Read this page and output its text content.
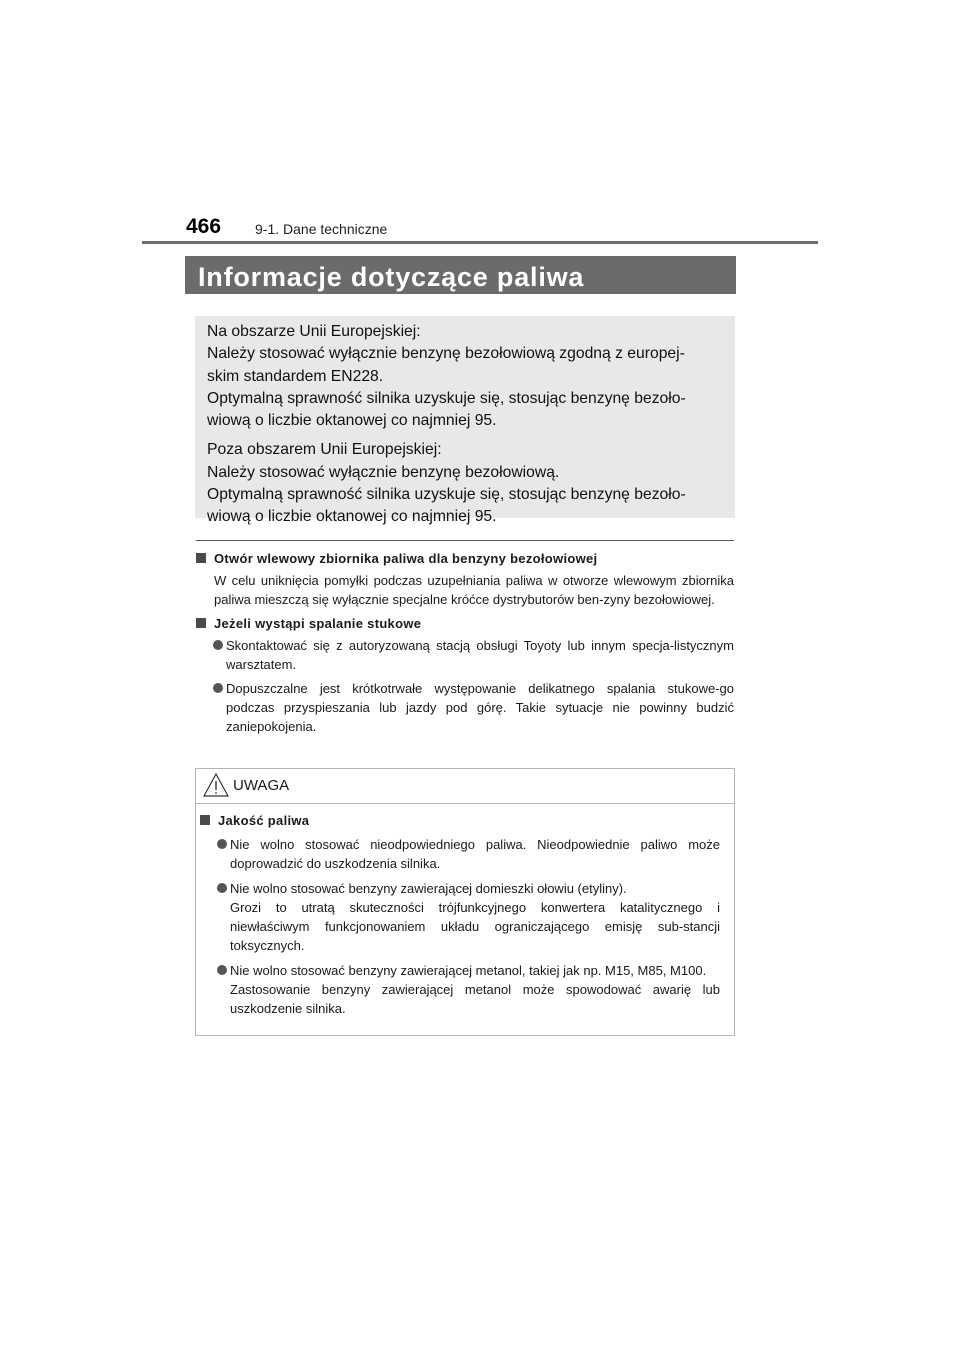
466 9-1. Dane techniczne
Informacje dotyczące paliwa

Na obszarze Unii Europejskiej:

Należy stosować wyłącznie benzynę bezołowiową zgodną z europej-

skim standardem EN228.

Optymalną sprawność silnika uzyskuje się, stosując benzynę bezoło-

wiową o liczbie oktanowej co najmniej 95.

Poza obszarem Unii Europejskiej:

Należy stosować wyłącznie benzynę bezołowiową.

Optymalną sprawność silnika uzyskuje się, stosując benzynę bezoło-

wiową o liczbie oktanowej co najmniej 95.

Otwór wlewowy zbiornika paliwa dla benzyny bezołowiowej
W celu uniknięcia pomyłki podczas uzupełniania paliwa w otworze wlewowym zbiornika paliwa mieszczą się wyłącznie specjalne króćce dystrybutorów ben-zyny bezołowiowej.
Jeżeli wystąpi spalanie stukowe
Skontaktować się z autoryzowaną stacją obsługi Toyoty lub innym specja-listycznym warsztatem.
Dopuszczalne jest krótkotrwałe występowanie delikatnego spalania stukowe-go podczas przyspieszania lub jazdy pod górę. Takie sytuacje nie powinny budzić zaniepokojenia.
UWAGA
Jakość paliwa
Nie wolno stosować nieodpowiedniego paliwa. Nieodpowiednie paliwo może doprowadzić do uszkodzenia silnika.
Nie wolno stosować benzyny zawierającej domieszki ołowiu (etyliny).
Grozi to utratą skuteczności trójfunkcyjnego konwertera katalitycznego i niewłaściwym funkcjonowaniem układu ograniczającego emisję sub-stancji toksycznych.
Nie wolno stosować benzyny zawierającej metanol, takiej jak np. M15, M85, M100.
Zastosowanie benzyny zawierającej metanol może spowodować awarię lub uszkodzenie silnika.
